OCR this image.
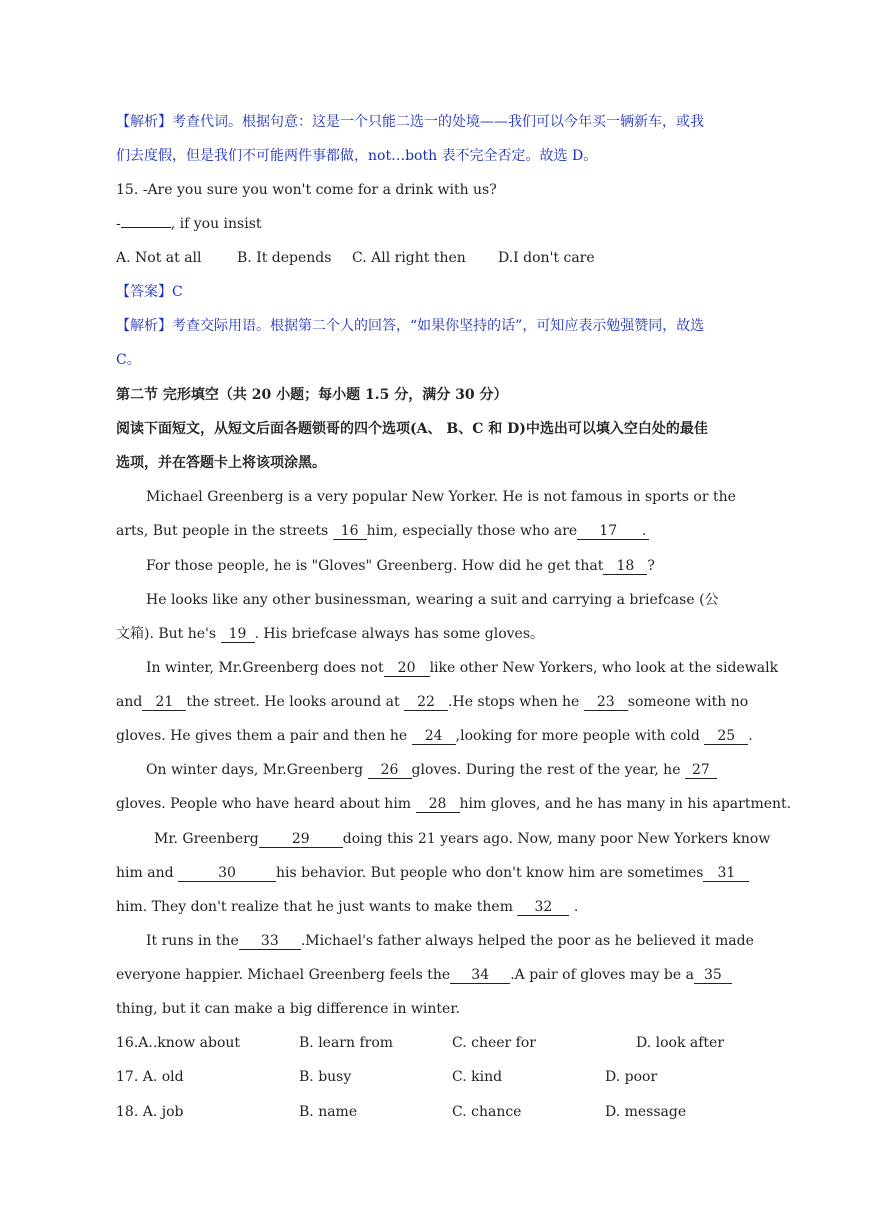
【解析】考查代词。根据句意：这是一个只能二选一的处境——我们可以今年买一辆新车，或我
们去度假，但是我们不可能两件事都做，not…both 表不完全否定。故选 D。
15. -Are you sure you won't come for a drink with us?
-	, if you insist
A. Not at all	B. It depends C. All right then D.I don't care
【答案】C
【解析】考查交际用语。根据第二个人的回答，“如果你坚持的话”，可知应表示勉强赞同，故选
C。
第二节 完形填空（共 20 小题；每小题 1.5 分，满分 30 分）
阅读下面短文，从短文后面各题锁哥的四个选项(A、 B、C 和 D)中选出可以填入空白处的最佳
选项，并在答题卡上将该项涂黑。
Michael Greenberg is a very popular New Yorker. He is not famous in sports or the
arts, But people in the streets 16 him, especially those who are 17 .
For those people, he is "Gloves" Greenberg. How did he get that 18 ?
He looks like any other businessman, wearing a suit and carrying a briefcase (公
文箱). But he's 19 . His briefcase always has some gloves。
In winter, Mr.Greenberg does not 20 like other New Yorkers, who look at the sidewalk
and 21 the street. He looks around at 22 .He stops when he 23 someone with no
gloves. He gives them a pair and then he 24 ,looking for more people with cold 25 .
On winter days, Mr.Greenberg 26 gloves. During the rest of the year, he 27
gloves. People who have heard about him 28 him gloves, and he has many in his apartment.
Mr. Greenberg 29 doing this 21 years ago. Now, many poor New Yorkers know
him and	30	his behavior. But people who don't know him are sometimes 31
him. They don't realize that he just wants to make them 32 .
It runs in the 33 .Michael's father always helped the poor as he believed it made
everyone happier. Michael Greenberg feels the 34 .A pair of gloves may be a 35
thing, but it can make a big difference in winter.
16.A..know about	B. learn from	C. cheer for	D. look after
17. A. old	B. busy	C. kind	D. poor
18. A. job	B. name	C. chance	D. message
